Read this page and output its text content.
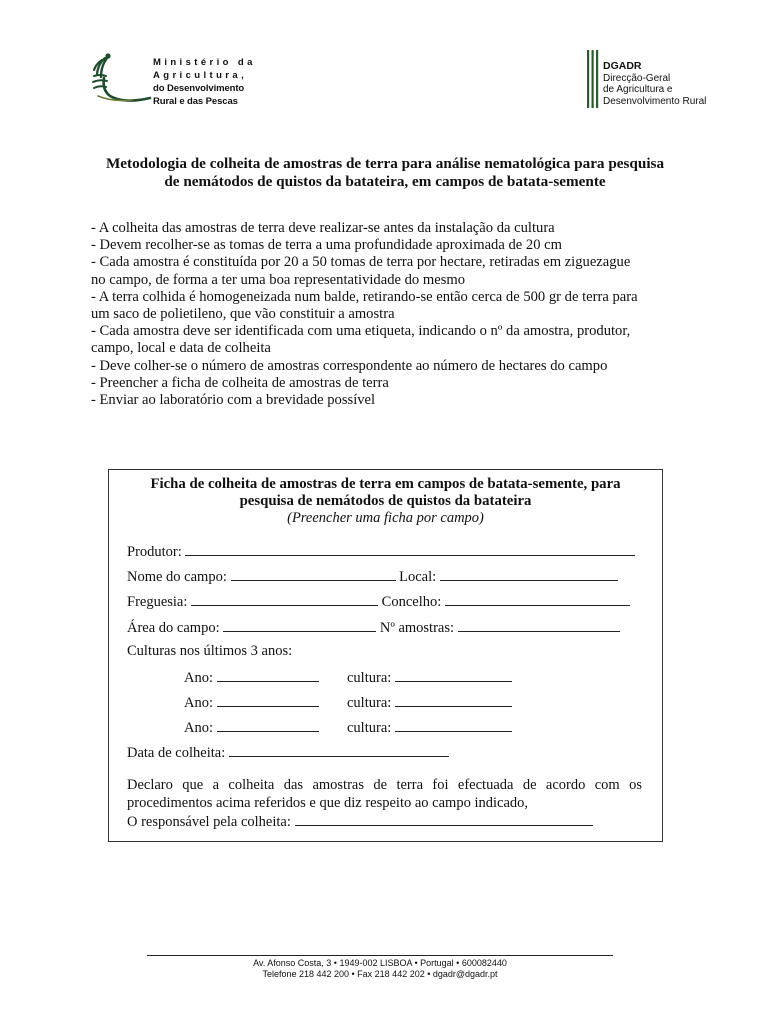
Ministério da
Agricultura,
do Desenvolvimento
Rural e das Pescas
DGADR
Direcção-Geral
de Agricultura e
Desenvolvimento Rural
Metodologia de colheita de amostras de terra para análise nematológica para pesquisa
de nemátodos de quistos da batateira, em campos de batata-semente
- A colheita das amostras de terra deve realizar-se antes da instalação da cultura
- Devem recolher-se as tomas de terra a uma profundidade aproximada de 20 cm
- Cada amostra é constituída por 20 a 50 tomas de terra por hectare, retiradas em ziguezague
no campo, de forma a ter uma boa representatividade do mesmo
- A terra colhida é homogeneizada num balde, retirando-se então cerca de 500 gr de terra para
um saco de polietileno, que vão constituir a amostra
- Cada amostra deve ser identificada com uma etiqueta, indicando o nº da amostra, produtor,
campo, local e data de colheita
- Deve colher-se o número de amostras correspondente ao número de hectares do campo
- Preencher a ficha de colheita de amostras de terra
- Enviar ao laboratório com a brevidade possível
Ficha de colheita de amostras de terra em campos de batata-semente, para
pesquisa de nemátodos de quistos da batateira
(Preencher uma ficha por campo)
Produtor:
Nome do campo:	Local:
Freguesia:	Concelho:
Área do campo:	Nº amostras:
Culturas nos últimos 3 anos:
Ano:	cultura:
Ano:	cultura:
Ano:	cultura:
Data de colheita:
Declaro que a colheita das amostras de terra foi efectuada de acordo com os
procedimentos acima referidos e que diz respeito ao campo indicado,
O responsável pela colheita:
Av. Afonso Costa, 3 • 1949-002 LISBOA • Portugal • 600082440
Telefone 218 442 200 • Fax 218 442 202 • dgadr@dgadr.pt
